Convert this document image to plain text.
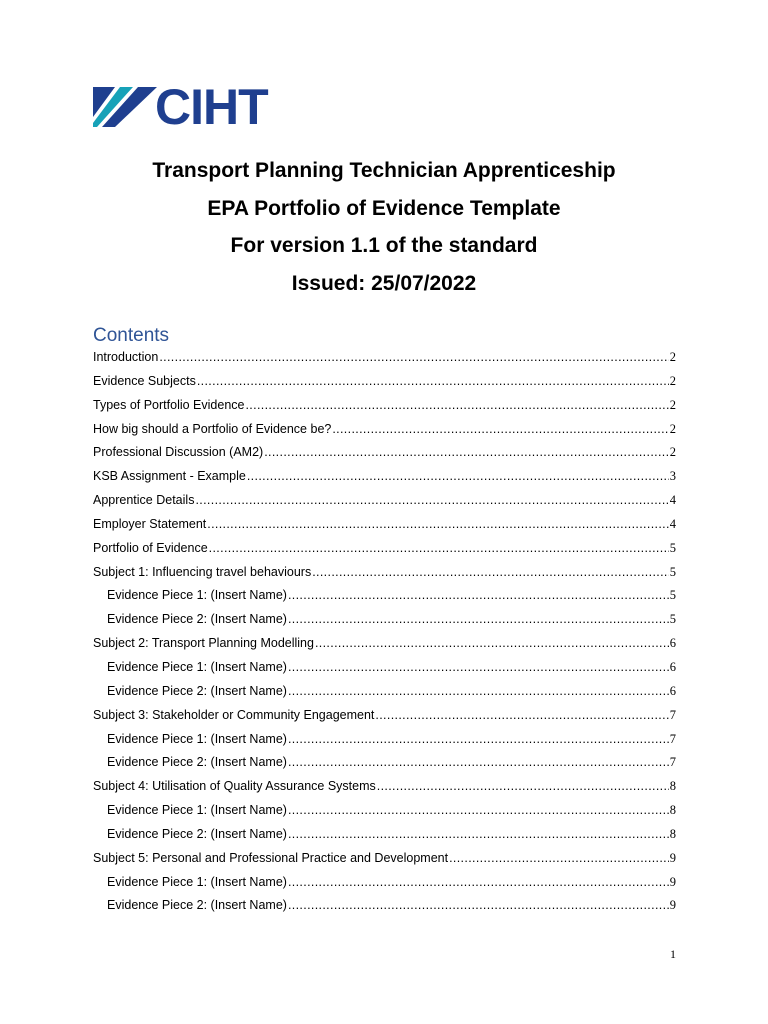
CIHT
Transport Planning Technician Apprenticeship
EPA Portfolio of Evidence Template
For version 1.1 of the standard
Issued: 25/07/2022
Contents
Introduction .....	2
Evidence Subjects .....	2
Types of Portfolio Evidence .....	2
How big should a Portfolio of Evidence be? .....	2
Professional Discussion (AM2) .....	2
KSB Assignment - Example .....	3
Apprentice Details .....	4
Employer Statement .....	4
Portfolio of Evidence .....	5
Subject 1: Influencing travel behaviours .....	5
Evidence Piece 1: (Insert Name) .....	5
Evidence Piece 2: (Insert Name) .....	5
Subject 2: Transport Planning Modelling .....	6
Evidence Piece 1: (Insert Name) .....	6
Evidence Piece 2: (Insert Name) .....	6
Subject 3: Stakeholder or Community Engagement .....	7
Evidence Piece 1: (Insert Name) .....	7
Evidence Piece 2: (Insert Name) .....	7
Subject 4: Utilisation of Quality Assurance Systems .....	8
Evidence Piece 1: (Insert Name) .....	8
Evidence Piece 2: (Insert Name) .....	8
Subject 5: Personal and Professional Practice and Development .....	9
Evidence Piece 1: (Insert Name) .....	9
Evidence Piece 2: (Insert Name) .....	9
1
